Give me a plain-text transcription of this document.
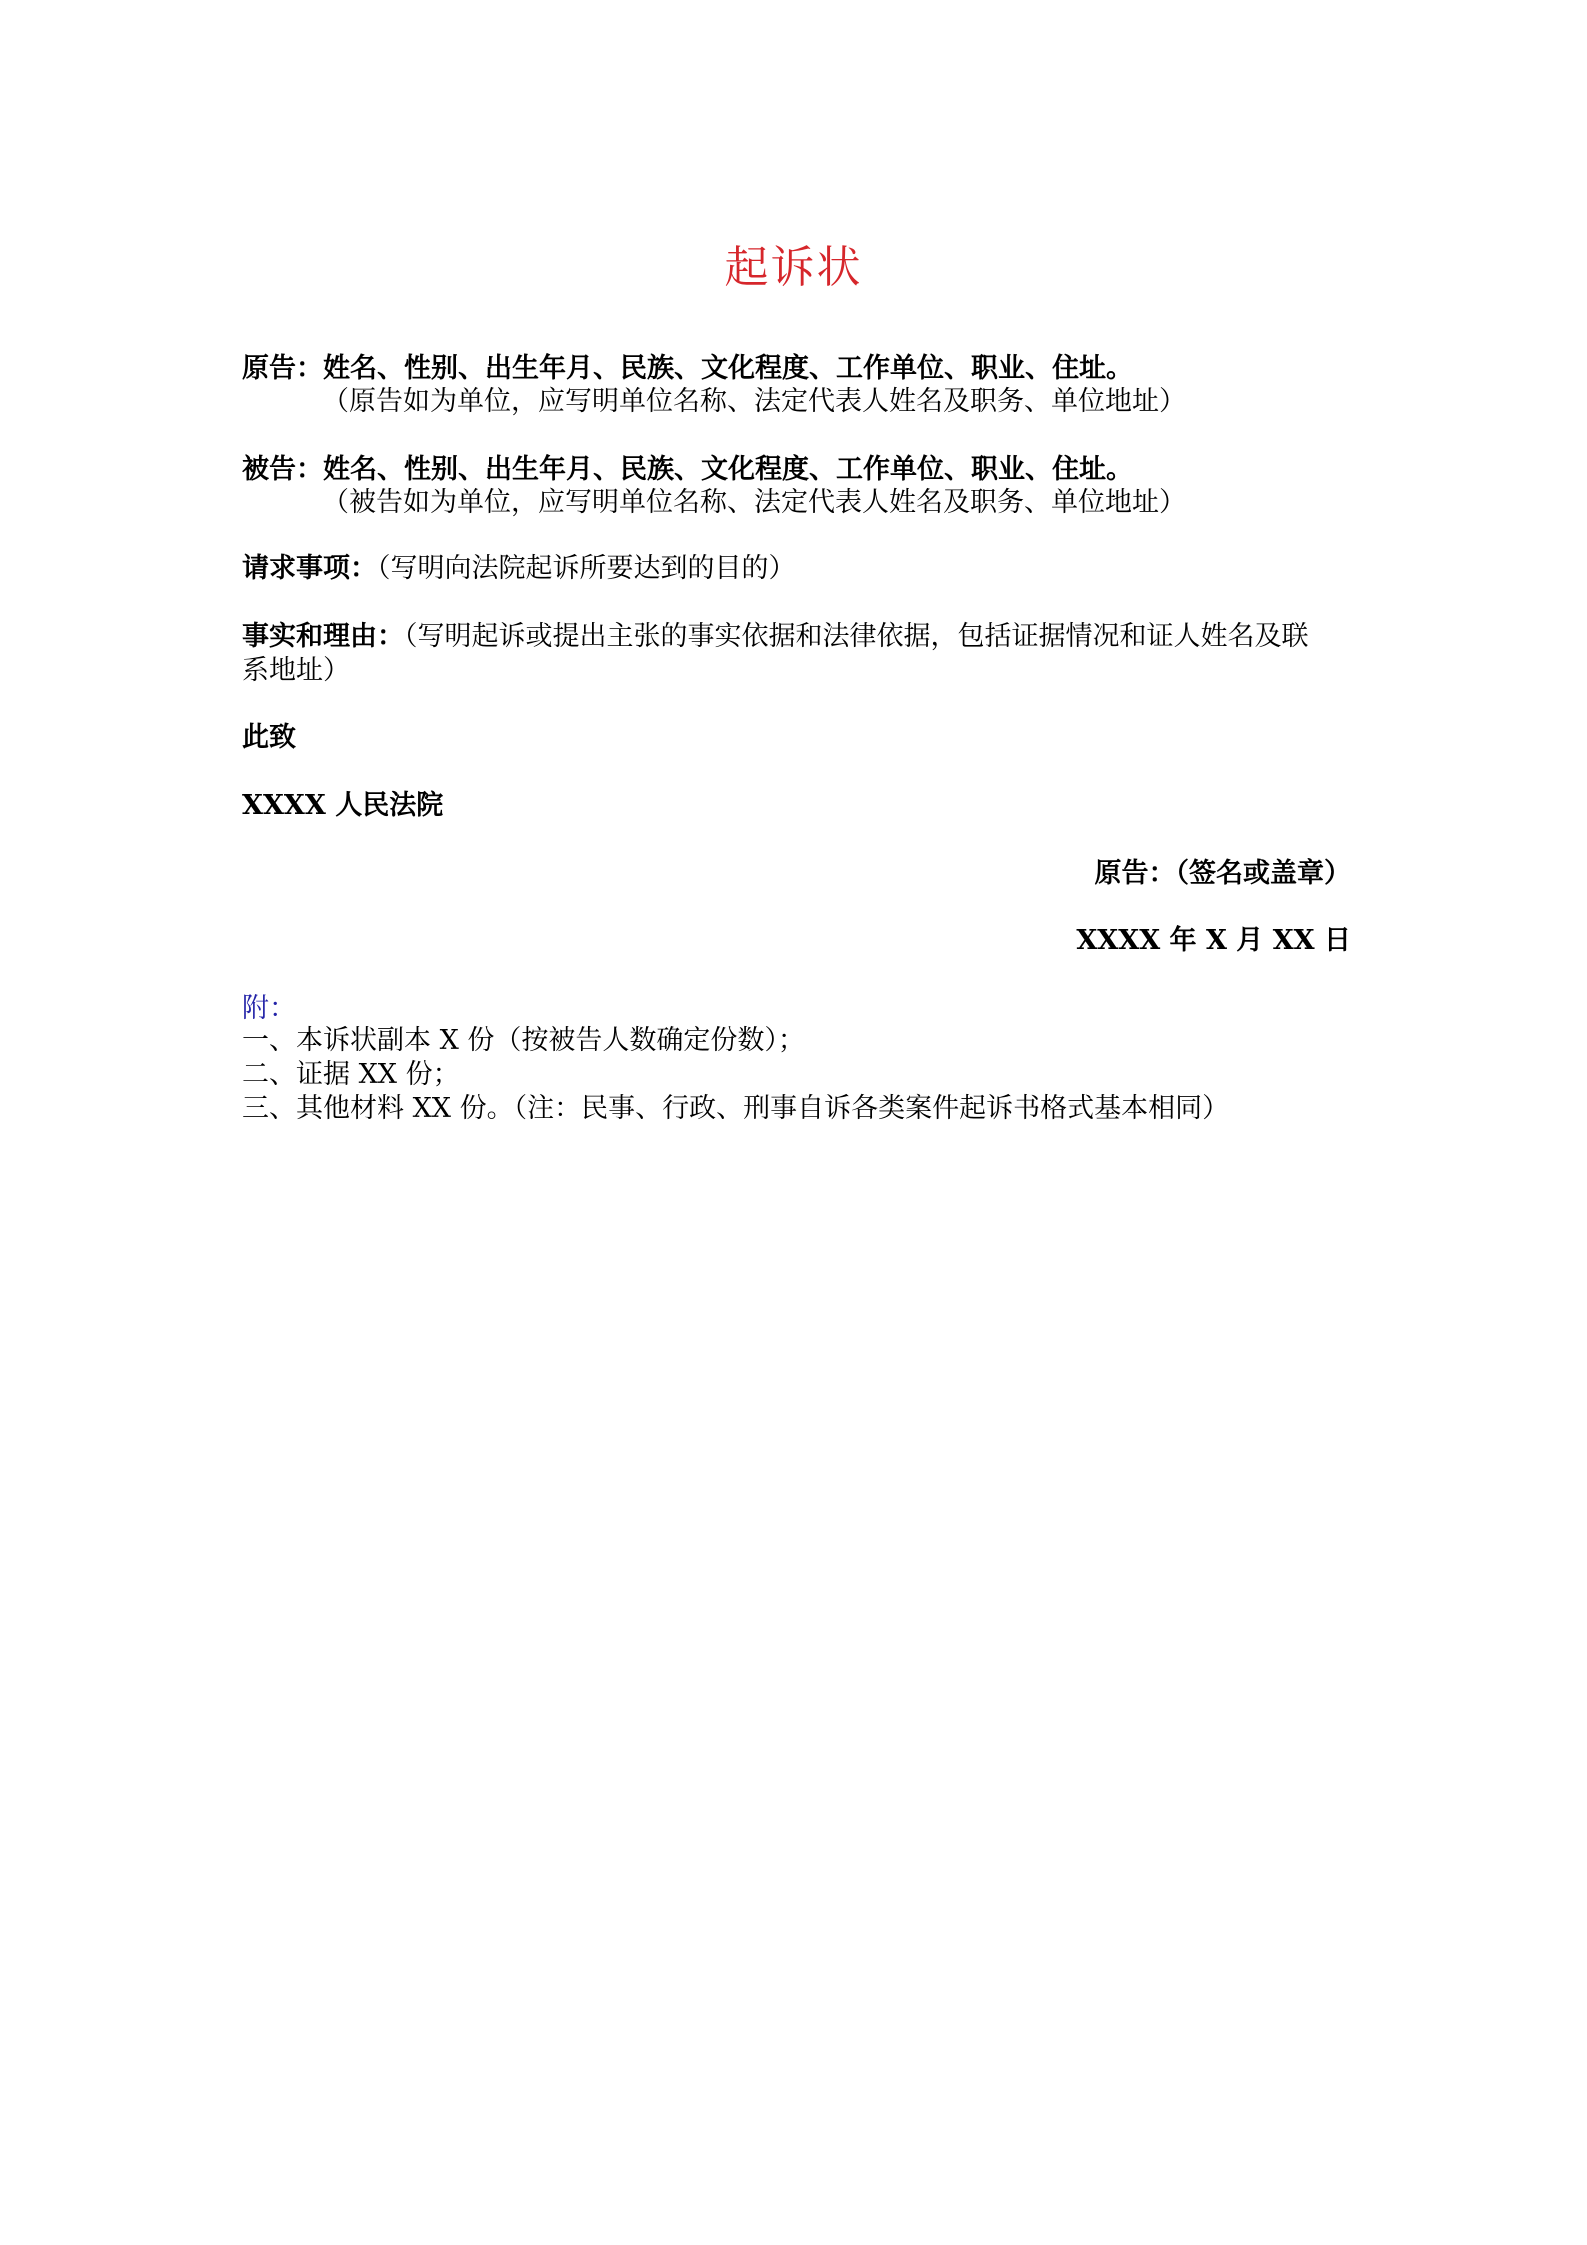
起诉状
原告：姓名、性别、出生年月、民族、文化程度、工作单位、职业、住址。
（原告如为单位，应写明单位名称、法定代表人姓名及职务、单位地址）
被告：姓名、性别、出生年月、民族、文化程度、工作单位、职业、住址。
（被告如为单位，应写明单位名称、法定代表人姓名及职务、单位地址）
请求事项：（写明向法院起诉所要达到的目的）
事实和理由：（写明起诉或提出主张的事实依据和法律依据，包括证据情况和证人姓名及联
系地址）
此致
XXXX 人民法院
原告：（签名或盖章）
XXXX 年 X 月 XX 日
附：
一、本诉状副本 X 份（按被告人数确定份数）；
二、证据 XX 份；
三、其他材料 XX 份。（注：民事、行政、刑事自诉各类案件起诉书格式基本相同）
